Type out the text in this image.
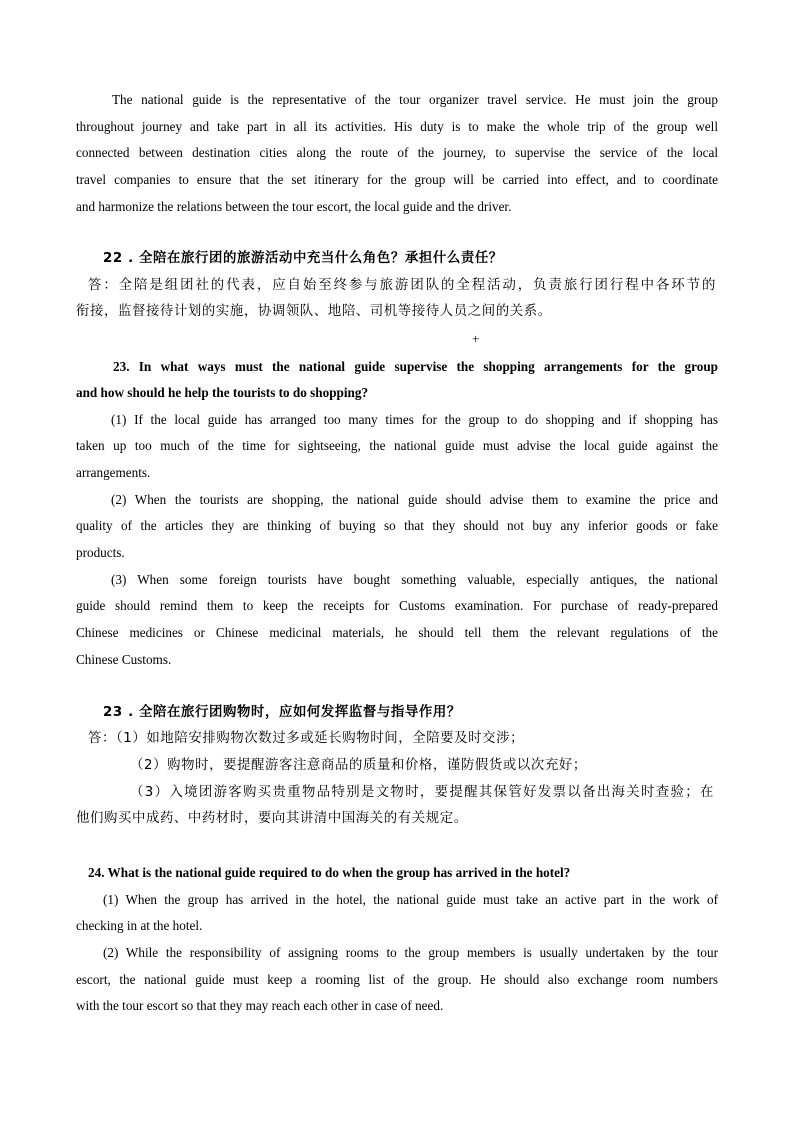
The national guide is the representative of the tour organizer travel service. He must join the group
throughout journey and take part in all its activities. His duty is to make the whole trip of the group well
connected between destination cities along the route of the journey, to supervise the service of the local
travel companies to ensure that the set itinerary for the group will be carried into effect, and to coordinate
and harmonize the relations between the tour escort, the local guide and the driver.
22 . 全陪在旅行团的旅游活动中充当什么角色？承担什么责任？
答：全陪是组团社的代表，应自始至终参与旅游团队的全程活动，负责旅行团行程中各环节的
衔接，监督接待计划的实施，协调领队、地陪、司机等接待人员之间的关系。
+
23. In what ways must the national guide supervise the shopping arrangements for the group
and how should he help the tourists to do shopping?
(1) If the local guide has arranged too many times for the group to do shopping and if shopping has
taken up too much of the time for sightseeing, the national guide must advise the local guide against the
arrangements.
(2) When the tourists are shopping, the national guide should advise them to examine the price and
quality of the articles they are thinking of buying so that they should not buy any inferior goods or fake
products.
(3) When some foreign tourists have bought something valuable, especially antiques, the national
guide should remind them to keep the receipts for Customs examination. For purchase of ready-prepared
Chinese medicines or Chinese medicinal materials, he should tell them the relevant regulations of the
Chinese Customs.
23 . 全陪在旅行团购物时，应如何发挥监督与指导作用？
答：（1）如地陪安排购物次数过多或延长购物时间，全陪要及时交涉；
（2）购物时，要提醒游客注意商品的质量和价格，谨防假货或以次充好；
（3）入境团游客购买贵重物品特别是文物时，要提醒其保管好发票以备出海关时查验；在
他们购买中成药、中药材时，要向其讲清中国海关的有关规定。
24. What is the national guide required to do when the group has arrived in the hotel?
(1) When the group has arrived in the hotel, the national guide must take an active part in the work of
checking in at the hotel.
(2) While the responsibility of assigning rooms to the group members is usually undertaken by the tour
escort, the national guide must keep a rooming list of the group. He should also exchange room numbers
with the tour escort so that they may reach each other in case of need.
